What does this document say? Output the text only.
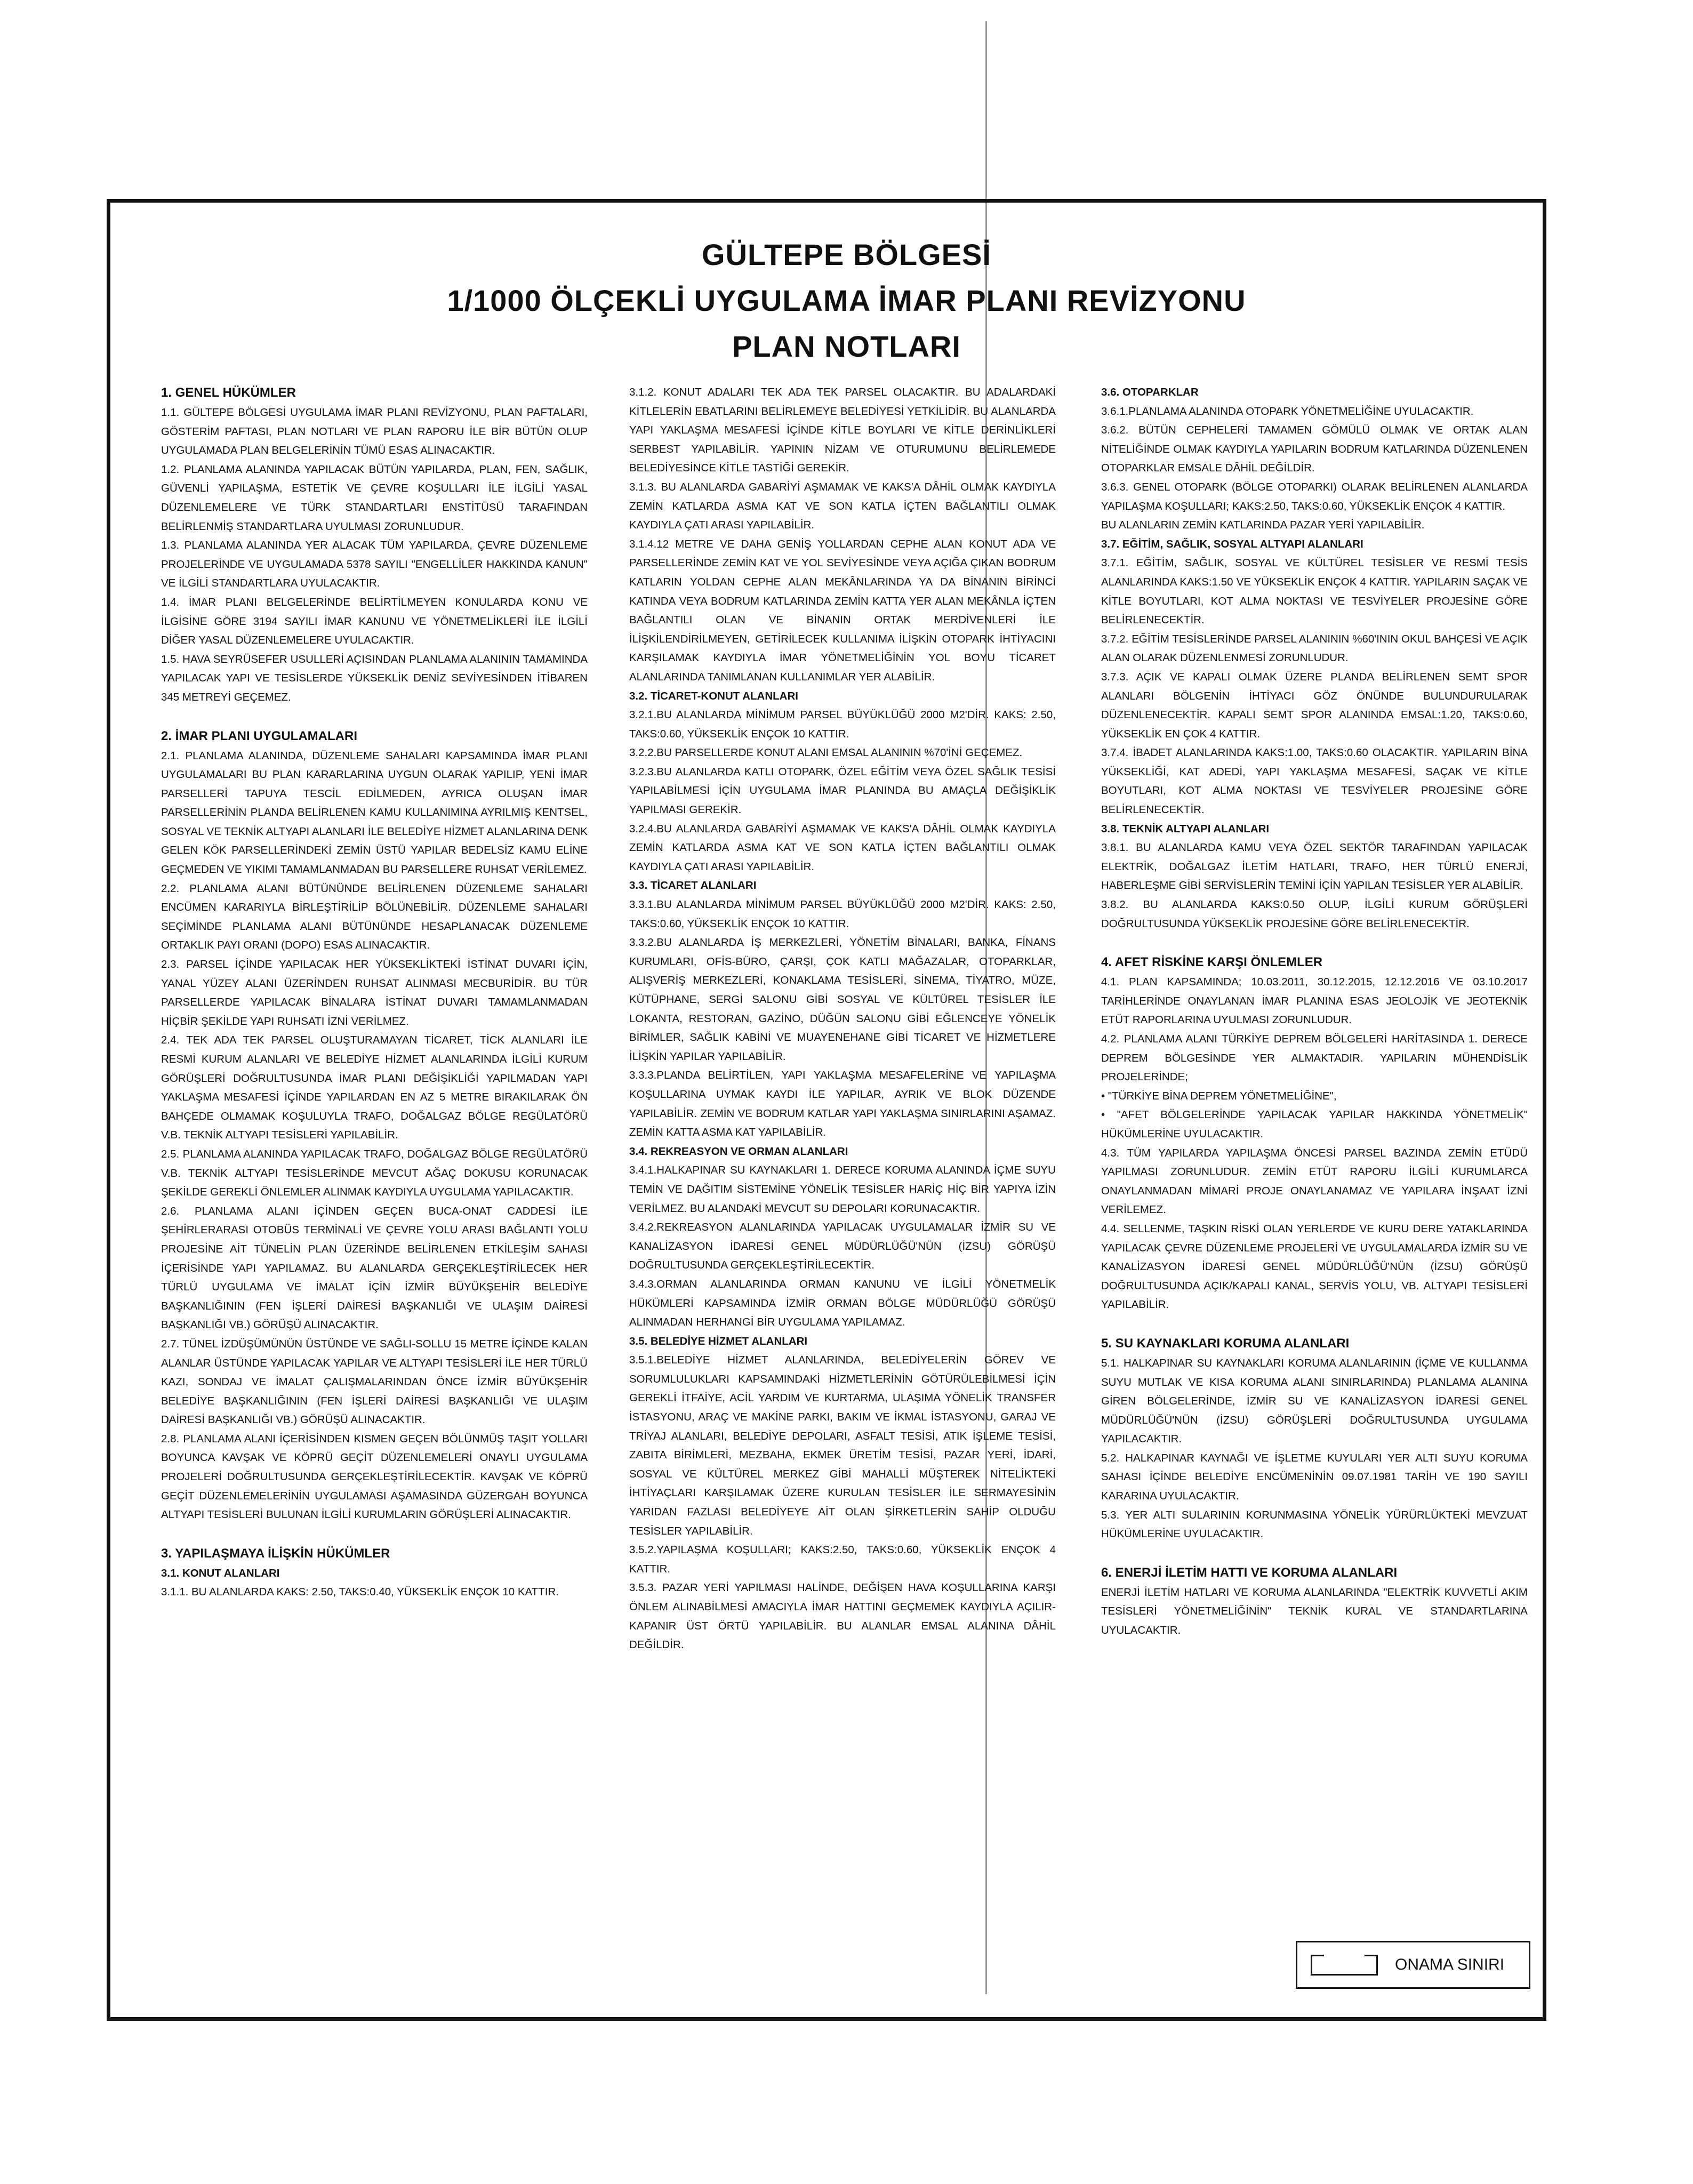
GÜLTEPE BÖLGESİ
1/1000 ÖLÇEKLİ UYGULAMA İMAR PLANI REVİZYONU
PLAN NOTLARI
1. GENEL HÜKÜMLER
1.1. GÜLTEPE BÖLGESİ UYGULAMA İMAR PLANI REVİZYONU, PLAN PAFTALARI, GÖSTERİM PAFTASI, PLAN NOTLARI VE PLAN RAPORU İLE BİR BÜTÜN OLUP UYGULAMADA PLAN BELGELERİNİN TÜMÜ ESAS ALINACAKTIR.
1.2. PLANLAMA ALANINDA YAPILACAK BÜTÜN YAPILARDA, PLAN, FEN, SAĞLIK, GÜVENLİ YAPILAŞMA, ESTETİK VE ÇEVRE KOŞULLARI İLE İLGİLİ YASAL DÜZENLEMELERE VE TÜRK STANDARTLARI ENSTİTÜSÜ TARAFINDAN BELİRLENMİŞ STANDARTLARA UYULMASI ZORUNLUDUR.
1.3. PLANLAMA ALANINDA YER ALACAK TÜM YAPILARDA, ÇEVRE DÜZENLEME PROJELERİNDE VE UYGULAMADA 5378 SAYILI "ENGELLİLER HAKKINDA KANUN" VE İLGİLİ STANDARTLARA UYULACAKTIR.
1.4. İMAR PLANI BELGELERİNDE BELİRTİLMEYEN KONULARDA KONU VE İLGİSİNE GÖRE 3194 SAYILI İMAR KANUNU VE YÖNETMELİKLERİ İLE İLGİLİ DİĞER YASAL DÜZENLEMELERE UYULACAKTIR.
1.5. HAVA SEYRÜSEFER USULLERİ AÇISINDAN PLANLAMA ALANININ TAMAMINDA YAPILACAK YAPI VE TESİSLERDE YÜKSEKLİK DENİZ SEVİYESİNDEN İTİBAREN 345 METREYİ GEÇEMEZ.
2. İMAR PLANI UYGULAMALARI
2.1. PLANLAMA ALANINDA, DÜZENLEME SAHALARI KAPSAMINDA İMAR PLANI UYGULAMALARI BU PLAN KARARLARINA UYGUN OLARAK YAPILIP, YENİ İMAR PARSELLERİ TAPUYA TESCİL EDİLMEDEN, AYRICA OLUŞAN İMAR PARSELLERİNİN PLANDA BELİRLENEN KAMU KULLANIMINA AYRILMIŞ KENTSEL, SOSYAL VE TEKNİK ALTYAPI ALANLARI İLE BELEDİYE HİZMET ALANLARINA DENK GELEN KÖK PARSELLERİNDEKİ ZEMİN ÜSTÜ YAPILAR BEDELSİZ KAMU ELİNE GEÇMEDEN VE YIKIMI TAMAMLANMADAN BU PARSELLERE RUHSAT VERİLEMEZ.
2.2. PLANLAMA ALANI BÜTÜNÜNDE BELİRLENEN DÜZENLEME SAHALARI ENCÜMEN KARARIYLA BİRLEŞTİRİLİP BÖLÜNEBİLİR. DÜZENLEME SAHALARI SEÇİMİNDE PLANLAMA ALANI BÜTÜNÜNDE HESAPLANACAK DÜZENLEME ORTAKLIK PAYI ORANI (DOPO) ESAS ALINACAKTIR.
2.3. PARSEL İÇİNDE YAPILACAK HER YÜKSEKLİKTEKİ İSTİNAT DUVARI İÇİN, YANAL YÜZEY ALANI ÜZERİNDEN RUHSAT ALINMASI MECBURİDİR. BU TÜR PARSELLERDE YAPILACAK BİNALARA İSTİNAT DUVARI TAMAMLANMADAN HİÇBİR ŞEKİLDE YAPI RUHSATI İZNİ VERİLMEZ.
2.4. TEK ADA TEK PARSEL OLUŞTURAMAYAN TİCARET, TİCK ALANLARI İLE RESMİ KURUM ALANLARI VE BELEDİYE HİZMET ALANLARINDA İLGİLİ KURUM GÖRÜŞLERİ DOĞRULTUSUNDA İMAR PLANI DEĞİŞİKLİĞİ YAPILMADAN YAPI YAKLAŞMA MESAFESİ İÇİNDE YAPILARDAN EN AZ 5 METRE BIRAKILARAK ÖN BAHÇEDE OLMAMAK KOŞULUYLA TRAFO, DOĞALGAZ BÖLGE REGÜLATÖRÜ V.B. TEKNİK ALTYAPI TESİSLERİ YAPILABİLİR.
2.5. PLANLAMA ALANINDA YAPILACAK TRAFO, DOĞALGAZ BÖLGE REGÜLATÖRÜ V.B. TEKNİK ALTYAPI TESİSLERİNDE MEVCUT AĞAÇ DOKUSU KORUNACAK ŞEKİLDE GEREKLİ ÖNLEMLER ALINMAK KAYDIYLA UYGULAMA YAPILACAKTIR.
2.6. PLANLAMA ALANI İÇİNDEN GEÇEN BUCA-ONAT CADDESİ İLE ŞEHİRLERARASI OTOBÜS TERMİNALİ VE ÇEVRE YOLU ARASI BAĞLANTI YOLU PROJESİNE AİT TÜNELİN PLAN ÜZERİNDE BELİRLENEN ETKİLEŞİM SAHASI İÇERİSİNDE YAPI YAPILAMAZ. BU ALANLARDA GERÇEKLEŞTİRİLECEK HER TÜRLÜ UYGULAMA VE İMALAT İÇİN İZMİR BÜYÜKŞEHİR BELEDİYE BAŞKANLIĞININ (FEN İŞLERİ DAİRESİ BAŞKANLIĞI VE ULAŞIM DAİRESİ BAŞKANLIĞI VB.) GÖRÜŞÜ ALINACAKTIR.
2.7. TÜNEL İZDÜŞÜMÜNÜN ÜSTÜNDE VE SAĞLI-SOLLU 15 METRE İÇİNDE KALAN ALANLAR ÜSTÜNDE YAPILACAK YAPILAR VE ALTYAPI TESİSLERİ İLE HER TÜRLÜ KAZI, SONDAJ VE İMALAT ÇALIŞMALARINDAN ÖNCE İZMİR BÜYÜKŞEHİR BELEDİYE BAŞKANLIĞININ (FEN İŞLERİ DAİRESİ BAŞKANLIĞI VE ULAŞIM DAİRESİ BAŞKANLIĞI VB.) GÖRÜŞÜ ALINACAKTIR.
2.8. PLANLAMA ALANI İÇERİSİNDEN KISMEN GEÇEN BÖLÜNMÜŞ TAŞIT YOLLARI BOYUNCA KAVŞAK VE KÖPRÜ GEÇİT DÜZENLEMELERİ ONAYLI UYGULAMA PROJELERİ DOĞRULTUSUNDA GERÇEKLEŞTİRİLECEKTİR. KAVŞAK VE KÖPRÜ GEÇİT DÜZENLEMELERİNİN UYGULAMASI AŞAMASINDA GÜZERGAH BOYUNCA ALTYAPI TESİSLERİ BULUNAN İLGİLİ KURUMLARIN GÖRÜŞLERİ ALINACAKTIR.
3. YAPILAŞMAYA İLİŞKİN HÜKÜMLER
3.1. KONUT ALANLARI
3.1.1. BU ALANLARDA KAKS: 2.50, TAKS:0.40, YÜKSEKLİK ENÇOK 10 KATTIR.
3.1.2. KONUT ADALARI TEK ADA TEK PARSEL OLACAKTIR. BU ADALARDAKİ KİTLELERİN EBATLARINI BELİRLEMEYE BELEDİYESİ YETKİLİDİR. BU ALANLARDA YAPI YAKLAŞMA MESAFESİ İÇİNDE KİTLE BOYLARI VE KİTLE DERİNLİKLERİ SERBEST YAPILABİLİR. YAPININ NİZAM VE OTURUMUNU BELİRLEMEDE BELEDİYESİNCE KİTLE TASTİĞİ GEREKİR.
3.1.3. BU ALANLARDA GABARİYİ AŞMAMAK VE KAKS'A DÂHİL OLMAK KAYDIYLA ZEMİN KATLARDA ASMA KAT VE SON KATLA İÇTEN BAĞLANTILI OLMAK KAYDIYLA ÇATI ARASI YAPILABİLİR.
3.1.4.12 METRE VE DAHA GENİŞ YOLLARDAN CEPHE ALAN KONUT ADA VE PARSELLERİNDE ZEMİN KAT VE YOL SEVİYESİNDE VEYA AÇIĞA ÇIKAN BODRUM KATLARIN YOLDAN CEPHE ALAN MEKÂNLARINDA YA DA BİNANIN BİRİNCİ KATINDA VEYA BODRUM KATLARINDA ZEMİN KATTA YER ALAN MEKÂNLA İÇTEN BAĞLANTILI OLAN VE BİNANIN ORTAK MERDİVENLERİ İLE İLİŞKİLENDİRİLMEYEN, GETİRİLECEK KULLANIMA İLİŞKİN OTOPARK İHTİYACINI KARŞILAMAK KAYDIYLA İMAR YÖNETMELİĞİNİN YOL BOYU TİCARET ALANLARINDA TANIMLANAN KULLANIMLAR YER ALABİLİR.
3.2. TİCARET-KONUT ALANLARI
3.2.1.BU ALANLARDA MİNİMUM PARSEL BÜYÜKLÜĞÜ 2000 M2'DİR. KAKS: 2.50, TAKS:0.60, YÜKSEKLİK ENÇOK 10 KATTIR.
3.2.2.BU PARSELLERDE KONUT ALANI EMSAL ALANININ %70'İNİ GEÇEMEZ.
3.2.3.BU ALANLARDA KATLI OTOPARK, ÖZEL EĞİTİM VEYA ÖZEL SAĞLIK TESİSİ YAPILABİLMESİ İÇİN UYGULAMA İMAR PLANINDA BU AMAÇLA DEĞİŞİKLİK YAPILMASI GEREKİR.
3.2.4.BU ALANLARDA GABARİYİ AŞMAMAK VE KAKS'A DÂHİL OLMAK KAYDIYLA ZEMİN KATLARDA ASMA KAT VE SON KATLA İÇTEN BAĞLANTILI OLMAK KAYDIYLA ÇATI ARASI YAPILABİLİR.
3.3. TİCARET ALANLARI
3.3.1.BU ALANLARDA MİNİMUM PARSEL BÜYÜKLÜĞÜ 2000 M2'DİR. KAKS: 2.50, TAKS:0.60, YÜKSEKLİK ENÇOK 10 KATTIR.
3.3.2.BU ALANLARDA İŞ MERKEZLERİ, YÖNETİM BİNALARI, BANKA, FİNANS KURUMLARI, OFİS-BÜRO, ÇARŞI, ÇOK KATLI MAĞAZALAR, OTOPARKLAR, ALIŞVERİŞ MERKEZLERİ, KONAKLAMA TESİSLERİ, SİNEMA, TİYATRO, MÜZE, KÜTÜPHANE, SERGİ SALONU GİBİ SOSYAL VE KÜLTÜREL TESİSLER İLE LOKANTA, RESTORAN, GAZİNO, DÜĞÜN SALONU GİBİ EĞLENCEYE YÖNELİK BİRİMLER, SAĞLIK KABİNİ VE MUAYENEHANE GİBİ TİCARET VE HİZMETLERE İLİŞKİN YAPILAR YAPILABİLİR.
3.3.3.PLANDA BELİRTİLEN, YAPI YAKLAŞMA MESAFELERİNE VE YAPILAŞMA KOŞULLARINA UYMAK KAYDI İLE YAPILAR, AYRIK VE BLOK DÜZENDE YAPILABİLİR. ZEMİN VE BODRUM KATLAR YAPI YAKLAŞMA SINIRLARINI AŞAMAZ. ZEMİN KATTA ASMA KAT YAPILABİLİR.
3.4. REKREASYON VE ORMAN ALANLARI
3.4.1.HALKAPINAR SU KAYNAKLARI 1. DERECE KORUMA ALANINDA İÇME SUYU TEMİN VE DAĞITIM SİSTEMİNE YÖNELİK TESİSLER HARİÇ HİÇ BİR YAPIYA İZİN VERİLMEZ. BU ALANDAKİ MEVCUT SU DEPOLARI KORUNACAKTIR.
3.4.2.REKREASYON ALANLARINDA YAPILACAK UYGULAMALAR İZMİR SU VE KANALİZASYON İDARESİ GENEL MÜDÜRLÜĞÜ'NÜN (İZSU) GÖRÜŞÜ DOĞRULTUSUNDA GERÇEKLEŞTİRİLECEKTİR.
3.4.3.ORMAN ALANLARINDA ORMAN KANUNU VE İLGİLİ YÖNETMELİK HÜKÜMLERİ KAPSAMINDA İZMİR ORMAN BÖLGE MÜDÜRLÜĞÜ GÖRÜŞÜ ALINMADAN HERHANGİ BİR UYGULAMA YAPILAMAZ.
3.5. BELEDİYE HİZMET ALANLARI
3.5.1.BELEDİYE HİZMET ALANLARINDA, BELEDİYELERİN GÖREV VE SORUMLULUKLARI KAPSAMINDAKİ HİZMETLERİNİN GÖTÜRÜLEBİLMESİ İÇİN GEREKLİ İTFAİYE, ACİL YARDIM VE KURTARMA, ULAŞIMA YÖNELİK TRANSFER İSTASYONU, ARAÇ VE MAKİNE PARKI, BAKIM VE İKMAL İSTASYONU, GARAJ VE TRİYAJ ALANLARI, BELEDİYE DEPOLARI, ASFALT TESİSİ, ATIK İŞLEME TESİSİ, ZABITA BİRİMLERİ, MEZBAHA, EKMEK ÜRETİM TESİSİ, PAZAR YERİ, İDARİ, SOSYAL VE KÜLTÜREL MERKEZ GİBİ MAHALLİ MÜŞTEREK NİTELİKTEKİ İHTİYAÇLARI KARŞILAMAK ÜZERE KURULAN TESİSLER İLE SERMAYESİNİN YARIDAN FAZLASI BELEDİYEYE AİT OLAN ŞİRKETLERİN SAHİP OLDUĞU TESİSLER YAPILABİLİR.
3.5.2.YAPILAŞMA KOŞULLARI; KAKS:2.50, TAKS:0.60, YÜKSEKLİK ENÇOK 4 KATTIR.
3.5.3. PAZAR YERİ YAPILMASI HALİNDE, DEĞİŞEN HAVA KOŞULLARINA KARŞI ÖNLEM ALINABİLMESİ AMACIYLA İMAR HATTINI GEÇMEMEK KAYDIYLA AÇILIR-KAPANIR ÜST ÖRTÜ YAPILABİLİR. BU ALANLAR EMSAL ALANINA DÂHİL DEĞİLDİR.
3.6. OTOPARKLAR
3.6.1.PLANLAMA ALANINDA OTOPARK YÖNETMELİĞİNE UYULACAKTIR.
3.6.2. BÜTÜN CEPHELERİ TAMAMEN GÖMÜLÜ OLMAK VE ORTAK ALAN NİTELİĞİNDE OLMAK KAYDIYLA YAPILARIN BODRUM KATLARINDA DÜZENLENEN OTOPARKLAR EMSALE DÂHİL DEĞİLDİR.
3.6.3. GENEL OTOPARK (BÖLGE OTOPARKI) OLARAK BELİRLENEN ALANLARDA YAPILAŞMA KOŞULLARI; KAKS:2.50, TAKS:0.60, YÜKSEKLİK ENÇOK 4 KATTIR.
BU ALANLARIN ZEMİN KATLARINDA PAZAR YERİ YAPILABİLİR.
3.7. EĞİTİM, SAĞLIK, SOSYAL ALTYAPI ALANLARI
3.7.1. EĞİTİM, SAĞLIK, SOSYAL VE KÜLTÜREL TESİSLER VE RESMİ TESİS ALANLARINDA KAKS:1.50 VE YÜKSEKLİK ENÇOK 4 KATTIR. YAPILARIN SAÇAK VE KİTLE BOYUTLARI, KOT ALMA NOKTASI VE TESVİYELER PROJESİNE GÖRE BELİRLENECEKTİR.
3.7.2. EĞİTİM TESİSLERİNDE PARSEL ALANININ %60'ININ OKUL BAHÇESİ VE AÇIK ALAN OLARAK DÜZENLENMESİ ZORUNLUDUR.
3.7.3. AÇIK VE KAPALI OLMAK ÜZERE PLANDA BELİRLENEN SEMT SPOR ALANLARI BÖLGENİN İHTİYACI GÖZ ÖNÜNDE BULUNDURULARAK DÜZENLENECEKTİR. KAPALI SEMT SPOR ALANINDA EMSAL:1.20, TAKS:0.60, YÜKSEKLİK EN ÇOK 4 KATTIR.
3.7.4. İBADET ALANLARINDA KAKS:1.00, TAKS:0.60 OLACAKTIR. YAPILARIN BİNA YÜKSEKLİĞİ, KAT ADEDİ, YAPI YAKLAŞMA MESAFESİ, SAÇAK VE KİTLE BOYUTLARI, KOT ALMA NOKTASI VE TESVİYELER PROJESİNE GÖRE BELİRLENECEKTİR.
3.8. TEKNİK ALTYAPI ALANLARI
3.8.1. BU ALANLARDA KAMU VEYA ÖZEL SEKTÖR TARAFINDAN YAPILACAK ELEKTRİK, DOĞALGAZ İLETİM HATLARI, TRAFO, HER TÜRLÜ ENERJİ, HABERLEŞME GİBİ SERVİSLERİN TEMİNİ İÇİN YAPILAN TESİSLER YER ALABİLİR.
3.8.2. BU ALANLARDA KAKS:0.50 OLUP, İLGİLİ KURUM GÖRÜŞLERİ DOĞRULTUSUNDA YÜKSEKLİK PROJESİNE GÖRE BELİRLENECEKTİR.
4. AFET RİSKİNE KARŞI ÖNLEMLER
4.1. PLAN KAPSAMINDA; 10.03.2011, 30.12.2015, 12.12.2016 VE 03.10.2017 TARİHLERİNDE ONAYLANAN İMAR PLANINA ESAS JEOLOJİK VE JEOTEKNİK ETÜT RAPORLARINA UYULMASI ZORUNLUDUR.
4.2. PLANLAMA ALANI TÜRKİYE DEPREM BÖLGELERİ HARİTASINDA 1. DERECE DEPREM BÖLGESİNDE YER ALMAKTADIR. YAPILARIN MÜHENDİSLİK PROJELERİNDE;
• "TÜRKİYE BİNA DEPREM YÖNETMELİĞİNE",
• "AFET BÖLGELERİNDE YAPILACAK YAPILAR HAKKINDA YÖNETMELİK" HÜKÜMLERİNE UYULACAKTIR.
4.3. TÜM YAPILARDA YAPILAŞMA ÖNCESİ PARSEL BAZINDA ZEMİN ETÜDÜ YAPILMASI ZORUNLUDUR. ZEMİN ETÜT RAPORU İLGİLİ KURUMLARCA ONAYLANMADAN MİMARİ PROJE ONAYLANAMAZ VE YAPILARA İNŞAAT İZNİ VERİLEMEZ.
4.4. SELLENME, TAŞKIN RİSKİ OLAN YERLERDE VE KURU DERE YATAKLARINDA YAPILACAK ÇEVRE DÜZENLEME PROJELERİ VE UYGULAMALARDA İZMİR SU VE KANALİZASYON İDARESİ GENEL MÜDÜRLÜĞÜ'NÜN (İZSU) GÖRÜŞÜ DOĞRULTUSUNDA AÇIK/KAPALI KANAL, SERVİS YOLU, VB. ALTYAPI TESİSLERİ YAPILABİLİR.
5. SU KAYNAKLARI KORUMA ALANLARI
5.1. HALKAPINAR SU KAYNAKLARI KORUMA ALANLARININ (İÇME VE KULLANMA SUYU MUTLAK VE KISA KORUMA ALANI SINIRLARINDA) PLANLAMA ALANINA GİREN BÖLGELERİNDE, İZMİR SU VE KANALİZASYON İDARESİ GENEL MÜDÜRLÜĞÜ'NÜN (İZSU) GÖRÜŞLERİ DOĞRULTUSUNDA UYGULAMA YAPILACAKTIR.
5.2. HALKAPINAR KAYNAĞI VE İŞLETME KUYULARI YER ALTI SUYU KORUMA SAHASI İÇİNDE BELEDİYE ENCÜMENİNİN 09.07.1981 TARİH VE 190 SAYILI KARARINA UYULACAKTIR.
5.3. YER ALTI SULARININ KORUNMASINA YÖNELİK YÜRÜRLÜKTEKİ MEVZUAT HÜKÜMLERİNE UYULACAKTIR.
6. ENERJİ İLETİM HATTI VE KORUMA ALANLARI
ENERJİ İLETİM HATLARI VE KORUMA ALANLARINDA "ELEKTRİK KUVVETLİ AKIM TESİSLERİ YÖNETMELİĞİNİN" TEKNİK KURAL VE STANDARTLARINA UYULACAKTIR.
ONAMA SINIRI
